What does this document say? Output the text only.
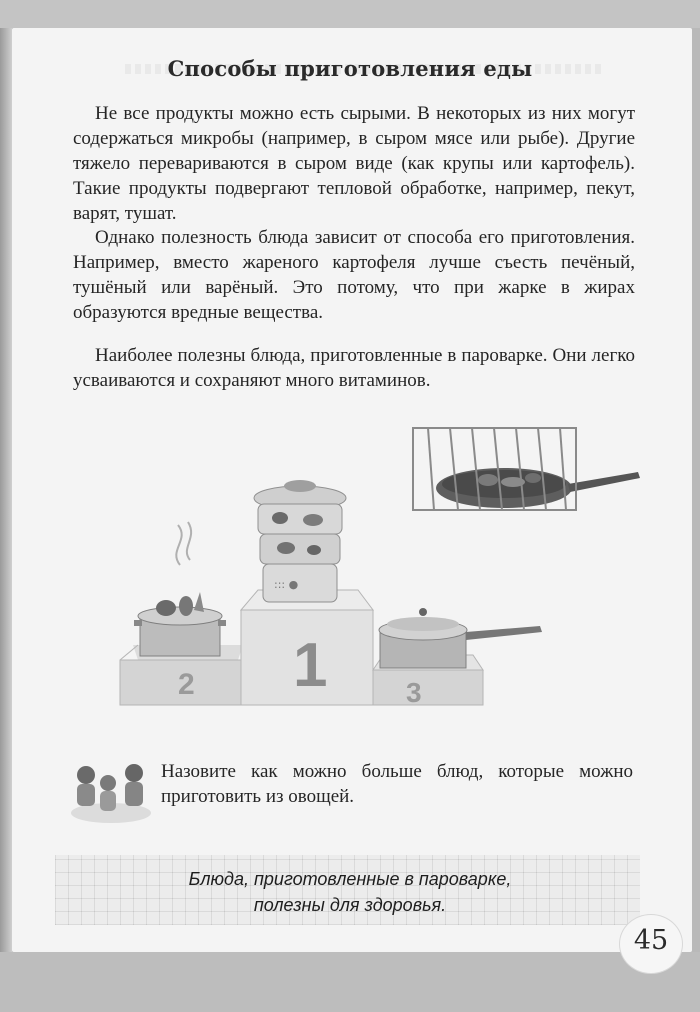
Способы приготовления еды
Не все продукты можно есть сырыми. В некоторых из них могут содержаться микробы (например, в сыром мясе или рыбе). Другие тяжело перевариваются в сыром виде (как крупы или картофель). Такие продукты подвергают тепловой обработке, например, пекут, варят, тушат.
Однако полезность блюда зависит от способа его приготовления. Например, вместо жареного картофеля лучше съесть печёный, тушёный или варёный. Это потому, что при жарке в жирах образуются вредные вещества.
Наиболее полезны блюда, приготовленные в пароварке. Они легко усваиваются и сохраняют много витаминов.
2 1	3
::: ●
Назовите как можно больше блюд, которые можно приготовить из овощей.
Блюда, приготовленные в пароварке,
полезны для здоровья.
45
